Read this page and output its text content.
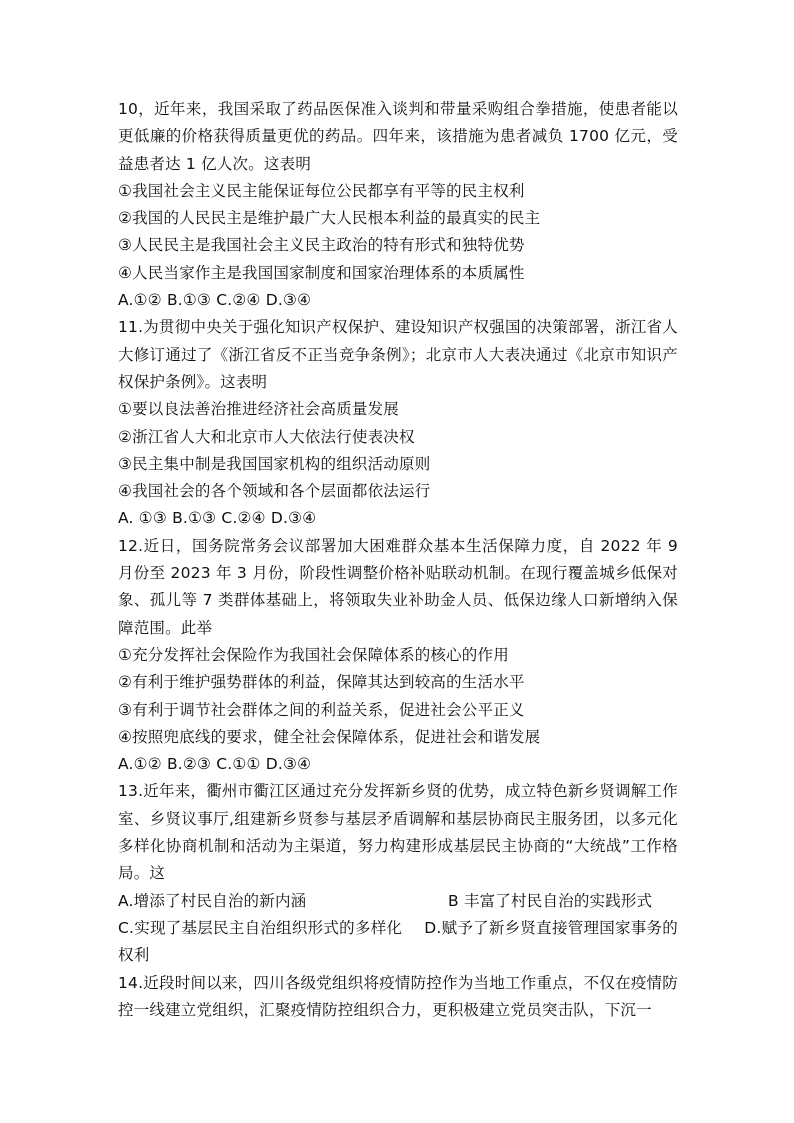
10，近年来，我国采取了药品医保准入谈判和带量采购组合拳措施，使患者能以更低廉的价格获得质量更优的药品。四年来，该措施为患者减负 1700 亿元，受益患者达 1 亿人次。这表明

①我国社会主义民主能保证每位公民都享有平等的民主权利

②我国的人民民主是维护最广大人民根本利益的最真实的民主

③人民民主是我国社会主义民主政治的特有形式和独特优势

④人民当家作主是我国国家制度和国家治理体系的本质属性

A.①② B.①③ C.②④ D.③④

11.为贯彻中央关于强化知识产权保护、建设知识产权强国的决策部署，浙江省人大修订通过了《浙江省反不正当竞争条例》；北京市人大表决通过《北京市知识产权保护条例》。这表明

①要以良法善治推进经济社会高质量发展

②浙江省人大和北京市人大依法行使表决权

③民主集中制是我国国家机构的组织活动原则

④我国社会的各个领域和各个层面都依法运行

A. ①③ B.①③ C.②④ D.③④

12.近日，国务院常务会议部署加大困难群众基本生活保障力度，自 2022 年 9 月份至 2023 年 3 月份，阶段性调整价格补贴联动机制。在现行覆盖城乡低保对象、孤儿等 7 类群体基础上，将领取失业补助金人员、低保边缘人口新增纳入保障范围。此举

①充分发挥社会保险作为我国社会保障体系的核心的作用

②有利于维护强势群体的利益，保障其达到较高的生活水平

③有利于调节社会群体之间的利益关系，促进社会公平正义

④按照兜底线的要求，健全社会保障体系，促进社会和谐发展

A.①② B.②③ C.①① D.③④

13.近年来，衢州市衢江区通过充分发挥新乡贤的优势，成立特色新乡贤调解工作室、乡贤议事厅,组建新乡贤参与基层矛盾调解和基层协商民主服务团，以多元化多样化协商机制和活动为主渠道，努力构建形成基层民主协商的“大统战”工作格局。这

A.增添了村民自治的新内涵	B 丰富了村民自治的实践形式

C.实现了基层民主自治组织形式的多样化 D.赋予了新乡贤直接管理国家事务的权利

14.近段时间以来，四川各级党组织将疫情防控作为当地工作重点，不仅在疫情防控一线建立党组织，汇聚疫情防控组织合力，更积极建立党员突击队，下沉一
